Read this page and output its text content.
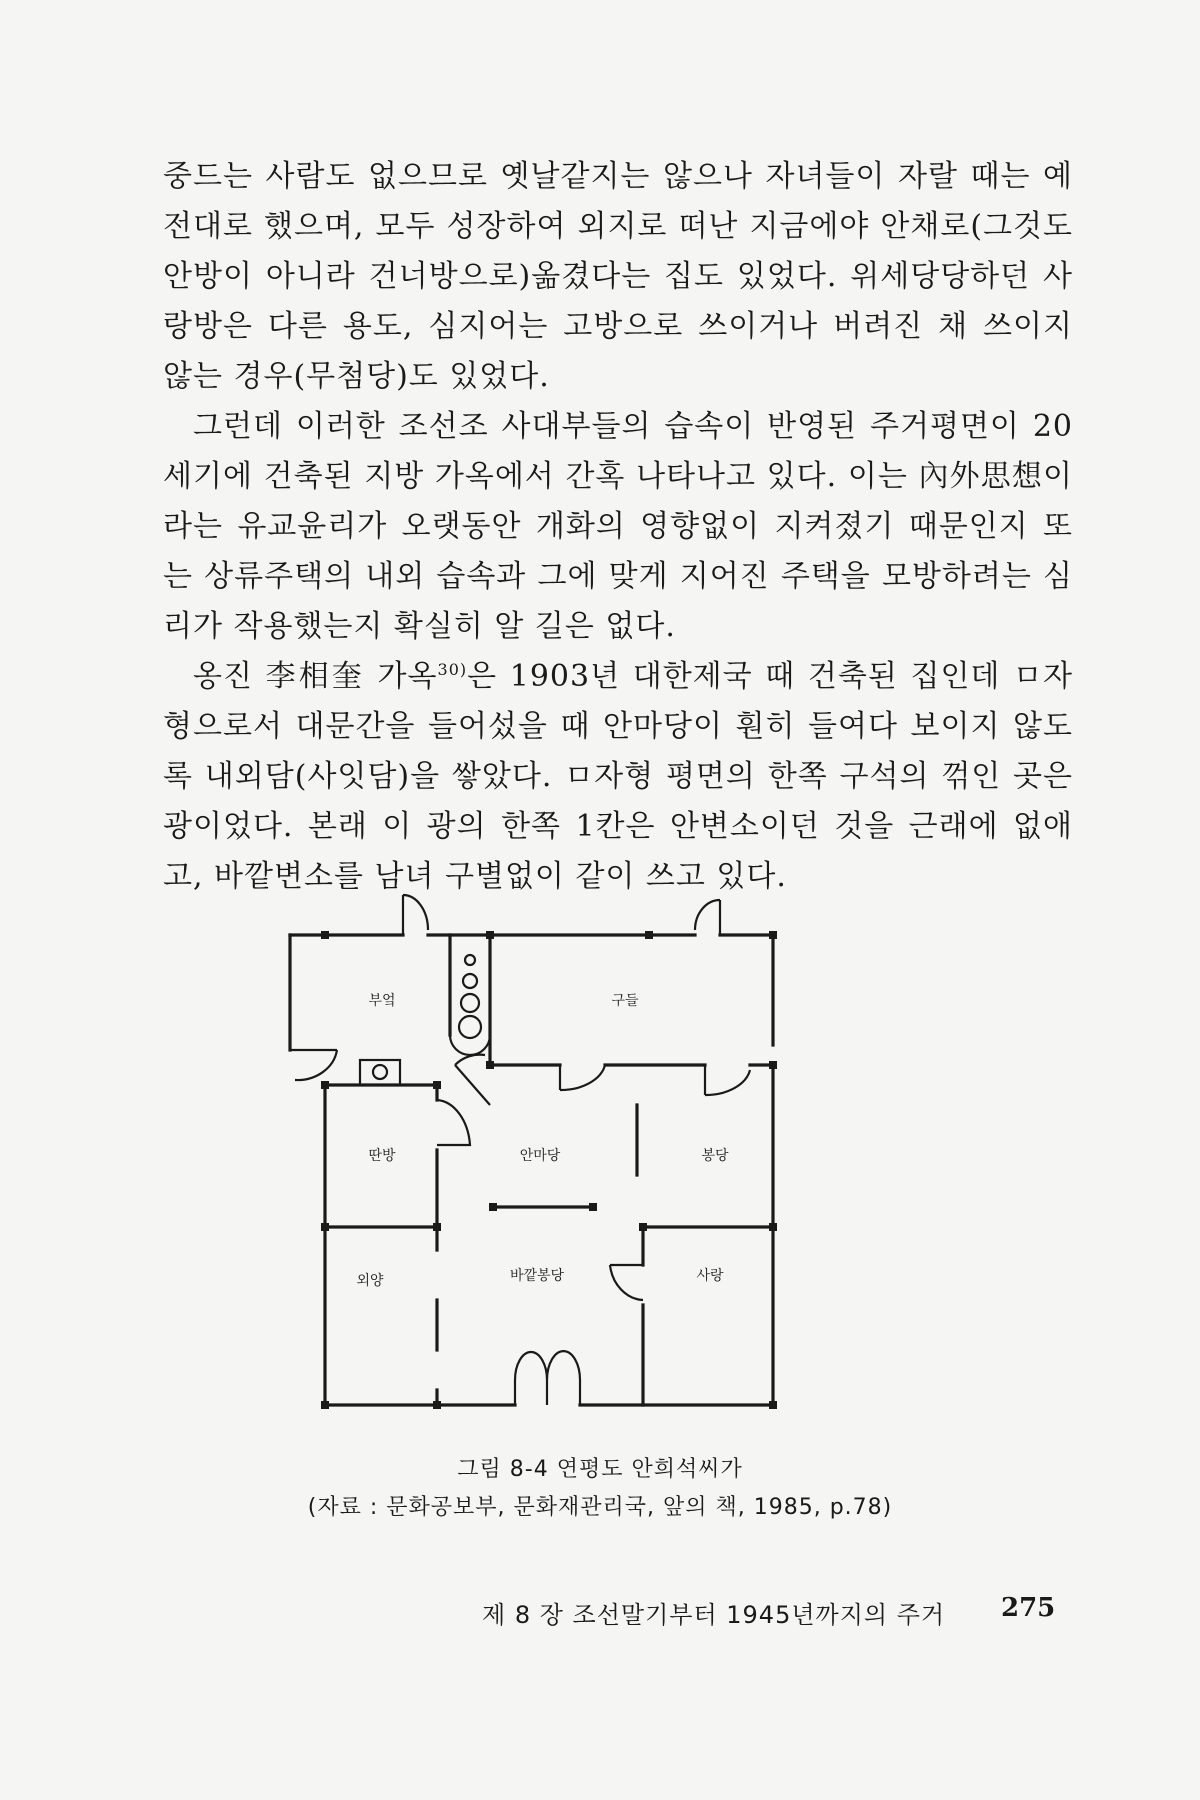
중드는 사람도 없으므로 옛날같지는 않으나 자녀들이 자랄 때는 예전대로 했으며, 모두 성장하여 외지로 떠난 지금에야 안채로(그것도 안방이 아니라 건너방으로)옮겼다는 집도 있었다. 위세당당하던 사랑방은 다른 용도, 심지어는 고방으로 쓰이거나 버려진 채 쓰이지 않는 경우(무첨당)도 있었다.

그런데 이러한 조선조 사대부들의 습속이 반영된 주거평면이 20세기에 건축된 지방 가옥에서 간혹 나타나고 있다. 이는 內外思想이라는 유교윤리가 오랫동안 개화의 영향없이 지켜졌기 때문인지 또는 상류주택의 내외 습속과 그에 맞게 지어진 주택을 모방하려는 심리가 작용했는지 확실히 알 길은 없다.

옹진 李相奎 가옥$^{30)}$은 1903년 대한제국 때 건축된 집인데 ㅁ자형으로서 대문간을 들어섰을 때 안마당이 훤히 들여다 보이지 않도록 내외담(사잇담)을 쌓았다. ㅁ자형 평면의 한쪽 구석의 꺾인 곳은 광이었다. 본래 이 광의 한쪽 1칸은 안변소이던 것을 근래에 없애고, 바깥변소를 남녀 구별없이 같이 쓰고 있다.

부엌	구들
딴방	안마당	봉당
외양	바깥봉당	사랑
그림 8-4 연평도 안희석씨가
(자료 : 문화공보부, 문화재관리국, 앞의 책, 1985, p.78)
제 8 장 조선말기부터 1945년까지의 주거 275
